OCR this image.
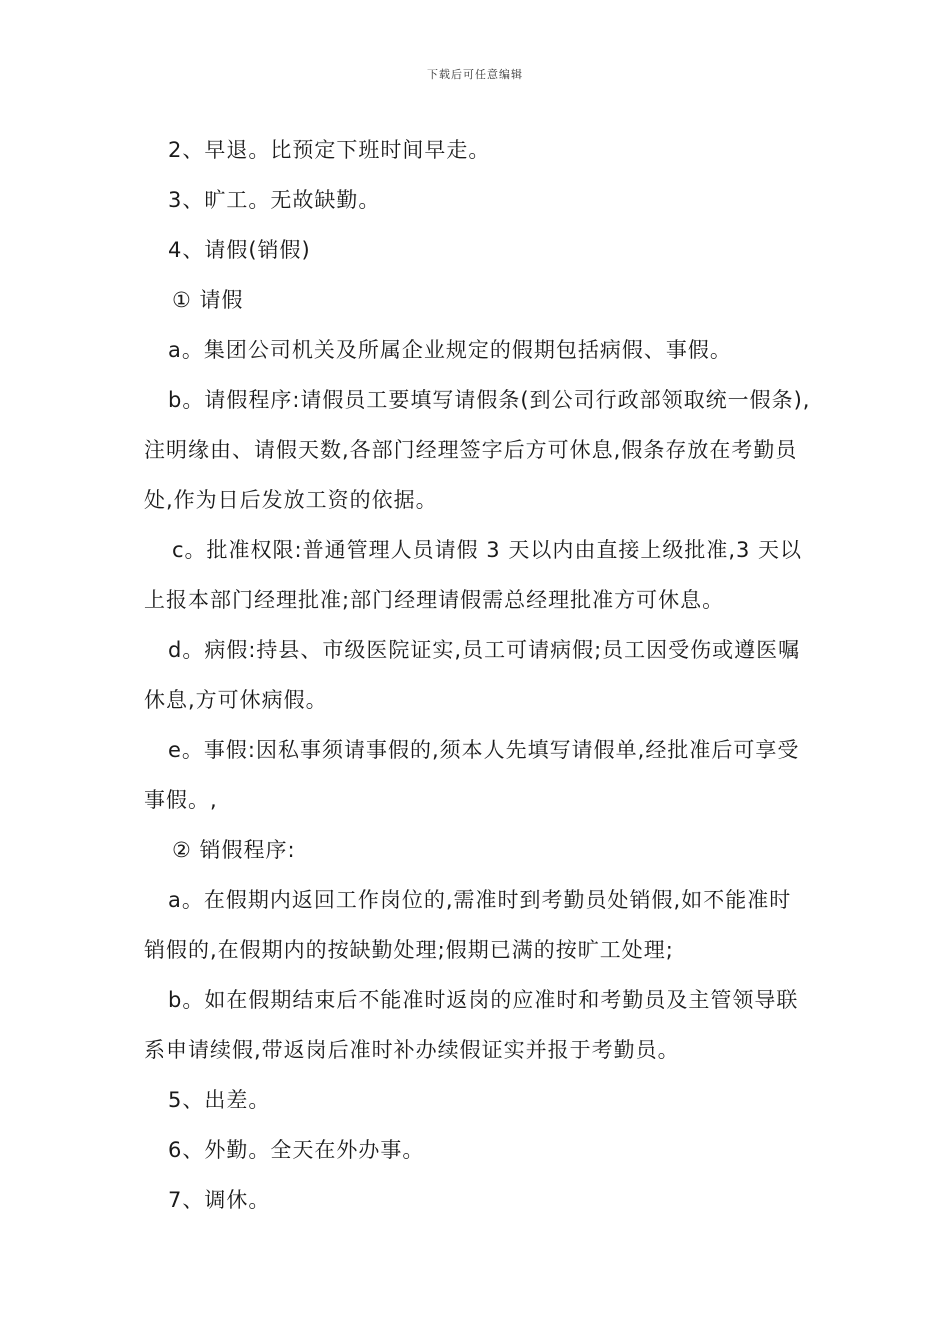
下载后可任意编辑
2、早退。比预定下班时间早走。
3、旷工。无故缺勤。
4、请假(销假)
① 请假
a。集团公司机关及所属企业规定的假期包括病假、事假。
b。请假程序:请假员工要填写请假条(到公司行政部领取统一假条),
注明缘由、请假天数,各部门经理签字后方可休息,假条存放在考勤员
处,作为日后发放工资的依据。
c。批准权限:普通管理人员请假 3 天以内由直接上级批准,3 天以
上报本部门经理批准;部门经理请假需总经理批准方可休息。
d。病假:持县、市级医院证实,员工可请病假;员工因受伤或遵医嘱
休息,方可休病假。
e。事假:因私事须请事假的,须本人先填写请假单,经批准后可享受
事假。,
② 销假程序:
a。在假期内返回工作岗位的,需准时到考勤员处销假,如不能准时
销假的,在假期内的按缺勤处理;假期已满的按旷工处理;
b。如在假期结束后不能准时返岗的应准时和考勤员及主管领导联
系申请续假,带返岗后准时补办续假证实并报于考勤员。
5、出差。
6、外勤。全天在外办事。
7、调休。
